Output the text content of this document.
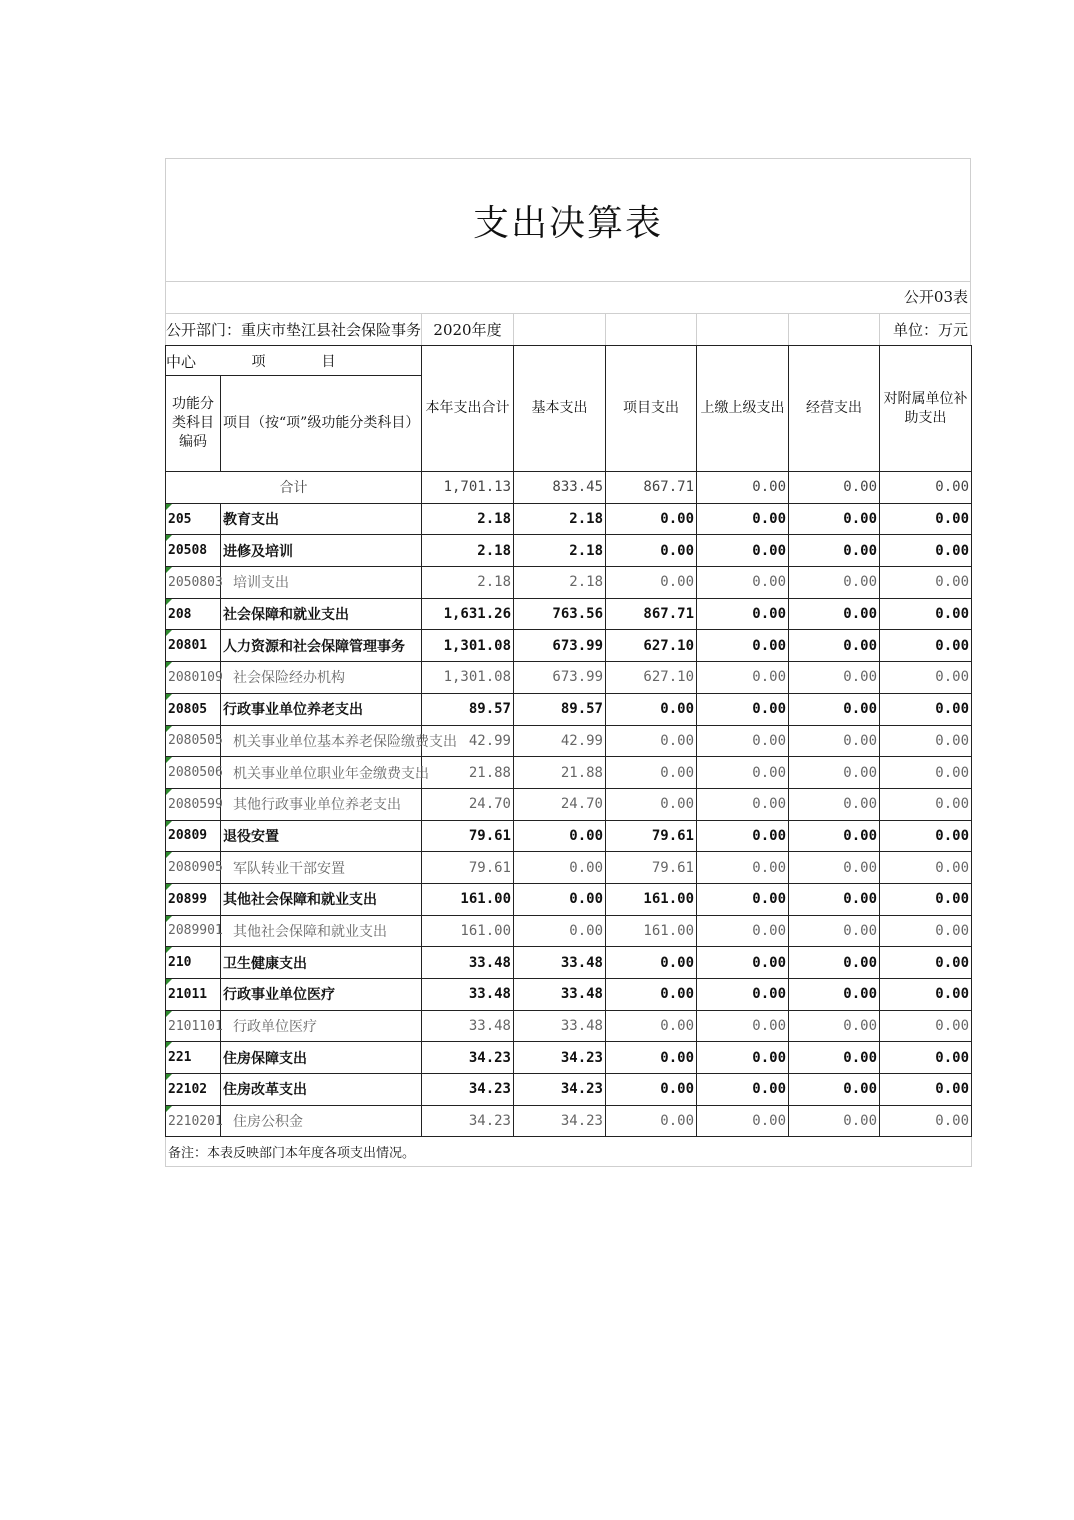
支出决算表
公开03表
公开部门：重庆市垫江县社会保险事务中心
2020年度	单位：万元
项　　　　目		本年支出合计	基本支出	项目支出	上缴上级支出	经营支出	对附属单位补助支出
功能分类科目编码	项目（按“项”级功能分类科目）						
合计		1,701.13	833.45	867.71	0.00	0.00	0.00
205	教育支出	2.18	2.18	0.00	0.00	0.00	0.00
20508	进修及培训	2.18	2.18	0.00	0.00	0.00	0.00
2050803	培训支出	2.18	2.18	0.00	0.00	0.00	0.00
208	社会保障和就业支出	1,631.26	763.56	867.71	0.00	0.00	0.00
20801	人力资源和社会保障管理事务	1,301.08	673.99	627.10	0.00	0.00	0.00
2080109	社会保险经办机构	1,301.08	673.99	627.10	0.00	0.00	0.00
20805	行政事业单位养老支出	89.57	89.57	0.00	0.00	0.00	0.00
2080505	机关事业单位基本养老保险缴费支出	42.99	42.99	0.00	0.00	0.00	0.00
2080506	机关事业单位职业年金缴费支出	21.88	21.88	0.00	0.00	0.00	0.00
2080599	其他行政事业单位养老支出	24.70	24.70	0.00	0.00	0.00	0.00
20809	退役安置	79.61	0.00	79.61	0.00	0.00	0.00
2080905	军队转业干部安置	79.61	0.00	79.61	0.00	0.00	0.00
20899	其他社会保障和就业支出	161.00	0.00	161.00	0.00	0.00	0.00
2089901	其他社会保障和就业支出	161.00	0.00	161.00	0.00	0.00	0.00
210	卫生健康支出	33.48	33.48	0.00	0.00	0.00	0.00
21011	行政事业单位医疗	33.48	33.48	0.00	0.00	0.00	0.00
2101101	行政单位医疗	33.48	33.48	0.00	0.00	0.00	0.00
221	住房保障支出	34.23	34.23	0.00	0.00	0.00	0.00
22102	住房改革支出	34.23	34.23	0.00	0.00	0.00	0.00
2210201	住房公积金	34.23	34.23	0.00	0.00	0.00	0.00
备注：本表反映部门本年度各项支出情况。							
